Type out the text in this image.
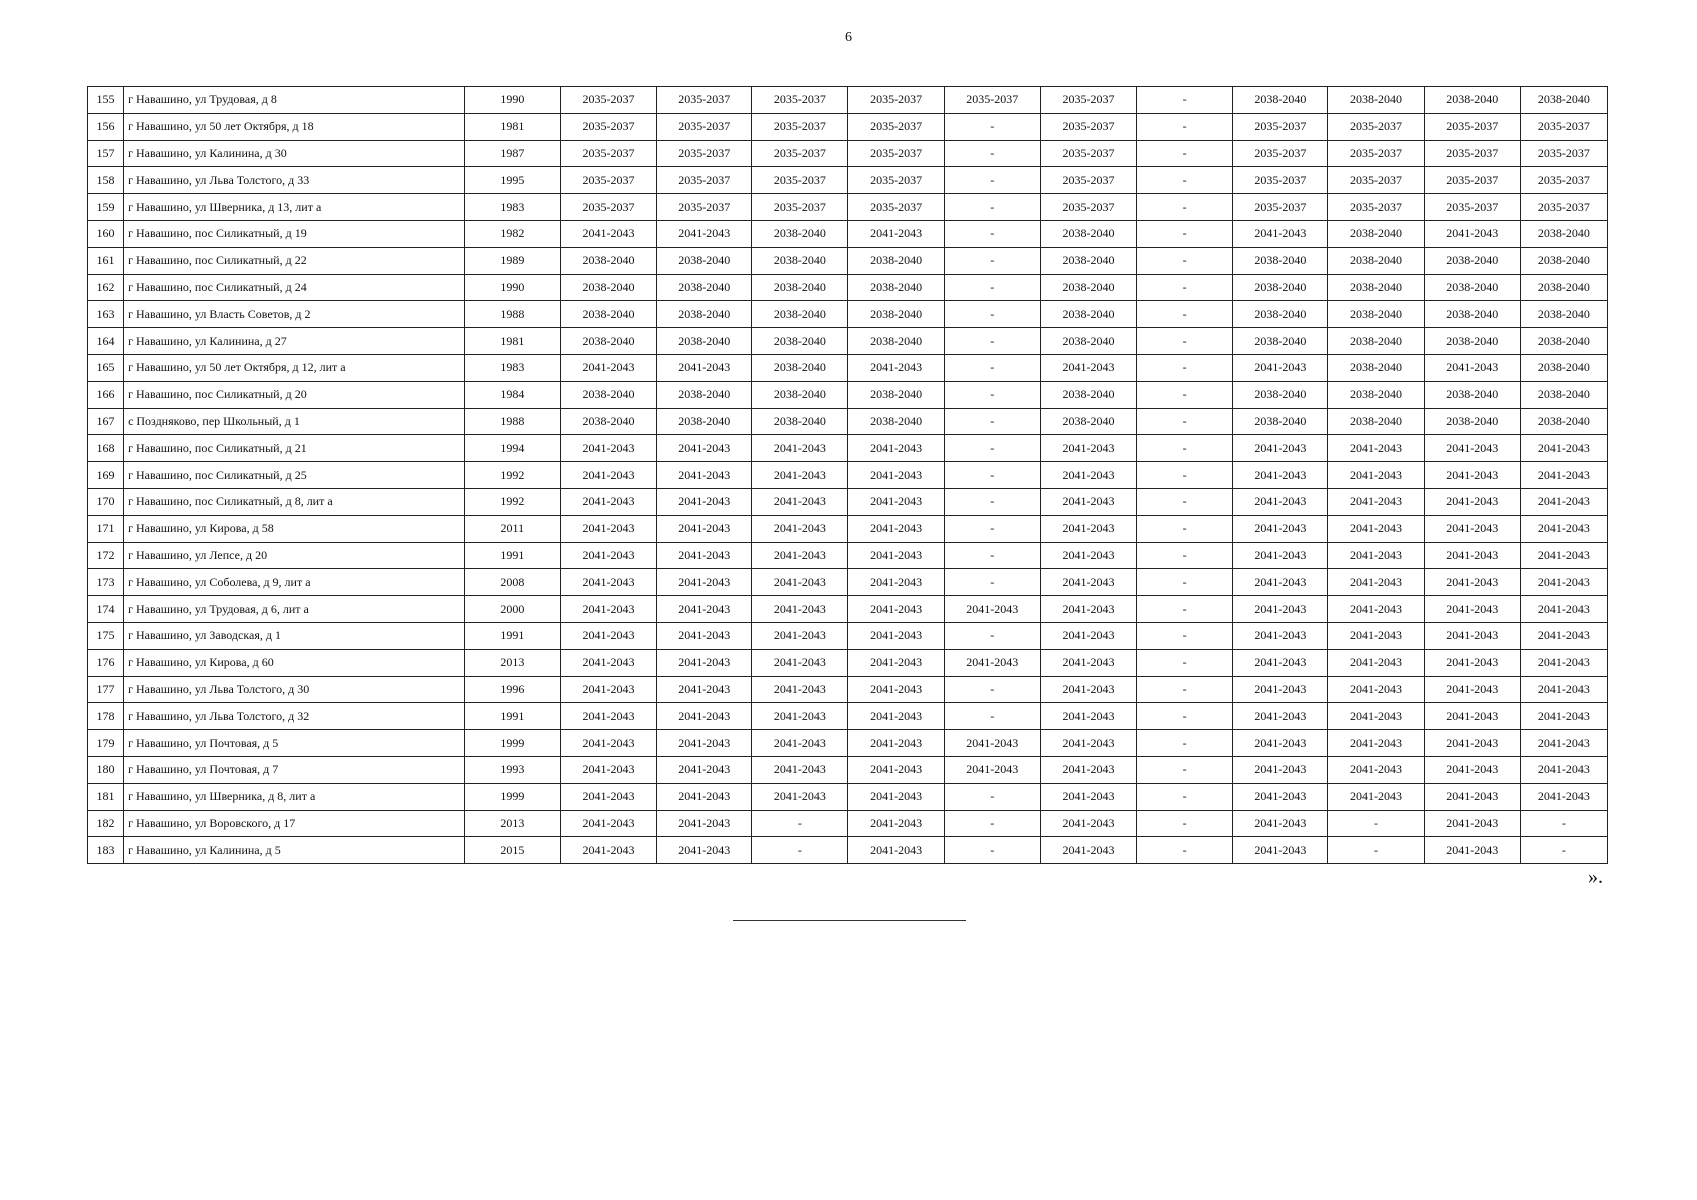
6
155	г Навашино, ул Трудовая, д 8	1990	2035-2037	2035-2037	2035-2037	2035-2037	2035-2037	2035-2037	-	2038-2040	2038-2040	2038-2040	2038-2040
156	г Навашино, ул 50 лет Октября, д 18	1981	2035-2037	2035-2037	2035-2037	2035-2037	-	2035-2037	-	2035-2037	2035-2037	2035-2037	2035-2037
157	г Навашино, ул Калинина, д 30	1987	2035-2037	2035-2037	2035-2037	2035-2037	-	2035-2037	-	2035-2037	2035-2037	2035-2037	2035-2037
158	г Навашино, ул Льва Толстого, д 33	1995	2035-2037	2035-2037	2035-2037	2035-2037	-	2035-2037	-	2035-2037	2035-2037	2035-2037	2035-2037
159	г Навашино, ул Шверника, д 13, лит а	1983	2035-2037	2035-2037	2035-2037	2035-2037	-	2035-2037	-	2035-2037	2035-2037	2035-2037	2035-2037
160	г Навашино, пос Силикатный, д 19	1982	2041-2043	2041-2043	2038-2040	2041-2043	-	2038-2040	-	2041-2043	2038-2040	2041-2043	2038-2040
161	г Навашино, пос Силикатный, д 22	1989	2038-2040	2038-2040	2038-2040	2038-2040	-	2038-2040	-	2038-2040	2038-2040	2038-2040	2038-2040
162	г Навашино, пос Силикатный, д 24	1990	2038-2040	2038-2040	2038-2040	2038-2040	-	2038-2040	-	2038-2040	2038-2040	2038-2040	2038-2040
163	г Навашино, ул Власть Советов, д 2	1988	2038-2040	2038-2040	2038-2040	2038-2040	-	2038-2040	-	2038-2040	2038-2040	2038-2040	2038-2040
164	г Навашино, ул Калинина, д 27	1981	2038-2040	2038-2040	2038-2040	2038-2040	-	2038-2040	-	2038-2040	2038-2040	2038-2040	2038-2040
165	г Навашино, ул 50 лет Октября, д 12, лит а	1983	2041-2043	2041-2043	2038-2040	2041-2043	-	2041-2043	-	2041-2043	2038-2040	2041-2043	2038-2040
166	г Навашино, пос Силикатный, д 20	1984	2038-2040	2038-2040	2038-2040	2038-2040	-	2038-2040	-	2038-2040	2038-2040	2038-2040	2038-2040
167	с Поздняково, пер Школьный, д 1	1988	2038-2040	2038-2040	2038-2040	2038-2040	-	2038-2040	-	2038-2040	2038-2040	2038-2040	2038-2040
168	г Навашино, пос Силикатный, д 21	1994	2041-2043	2041-2043	2041-2043	2041-2043	-	2041-2043	-	2041-2043	2041-2043	2041-2043	2041-2043
169	г Навашино, пос Силикатный, д 25	1992	2041-2043	2041-2043	2041-2043	2041-2043	-	2041-2043	-	2041-2043	2041-2043	2041-2043	2041-2043
170	г Навашино, пос Силикатный, д 8, лит а	1992	2041-2043	2041-2043	2041-2043	2041-2043	-	2041-2043	-	2041-2043	2041-2043	2041-2043	2041-2043
171	г Навашино, ул Кирова, д 58	2011	2041-2043	2041-2043	2041-2043	2041-2043	-	2041-2043	-	2041-2043	2041-2043	2041-2043	2041-2043
172	г Навашино, ул Лепсе, д 20	1991	2041-2043	2041-2043	2041-2043	2041-2043	-	2041-2043	-	2041-2043	2041-2043	2041-2043	2041-2043
173	г Навашино, ул Соболева, д 9, лит а	2008	2041-2043	2041-2043	2041-2043	2041-2043	-	2041-2043	-	2041-2043	2041-2043	2041-2043	2041-2043
174	г Навашино, ул Трудовая, д 6, лит а	2000	2041-2043	2041-2043	2041-2043	2041-2043	2041-2043	2041-2043	-	2041-2043	2041-2043	2041-2043	2041-2043
175	г Навашино, ул Заводская, д 1	1991	2041-2043	2041-2043	2041-2043	2041-2043	-	2041-2043	-	2041-2043	2041-2043	2041-2043	2041-2043
176	г Навашино, ул Кирова, д 60	2013	2041-2043	2041-2043	2041-2043	2041-2043	2041-2043	2041-2043	-	2041-2043	2041-2043	2041-2043	2041-2043
177	г Навашино, ул Льва Толстого, д 30	1996	2041-2043	2041-2043	2041-2043	2041-2043	-	2041-2043	-	2041-2043	2041-2043	2041-2043	2041-2043
178	г Навашино, ул Льва Толстого, д 32	1991	2041-2043	2041-2043	2041-2043	2041-2043	-	2041-2043	-	2041-2043	2041-2043	2041-2043	2041-2043
179	г Навашино, ул Почтовая, д 5	1999	2041-2043	2041-2043	2041-2043	2041-2043	2041-2043	2041-2043	-	2041-2043	2041-2043	2041-2043	2041-2043
180	г Навашино, ул Почтовая, д 7	1993	2041-2043	2041-2043	2041-2043	2041-2043	2041-2043	2041-2043	-	2041-2043	2041-2043	2041-2043	2041-2043
181	г Навашино, ул Шверника, д 8, лит а	1999	2041-2043	2041-2043	2041-2043	2041-2043	-	2041-2043	-	2041-2043	2041-2043	2041-2043	2041-2043
182	г Навашино, ул Воровского, д 17	2013	2041-2043	2041-2043	-	2041-2043	-	2041-2043	-	2041-2043	-	2041-2043	-
183	г Навашино, ул Калинина, д 5	2015	2041-2043	2041-2043	-	2041-2043	-	2041-2043	-	2041-2043	-	2041-2043	-
».
